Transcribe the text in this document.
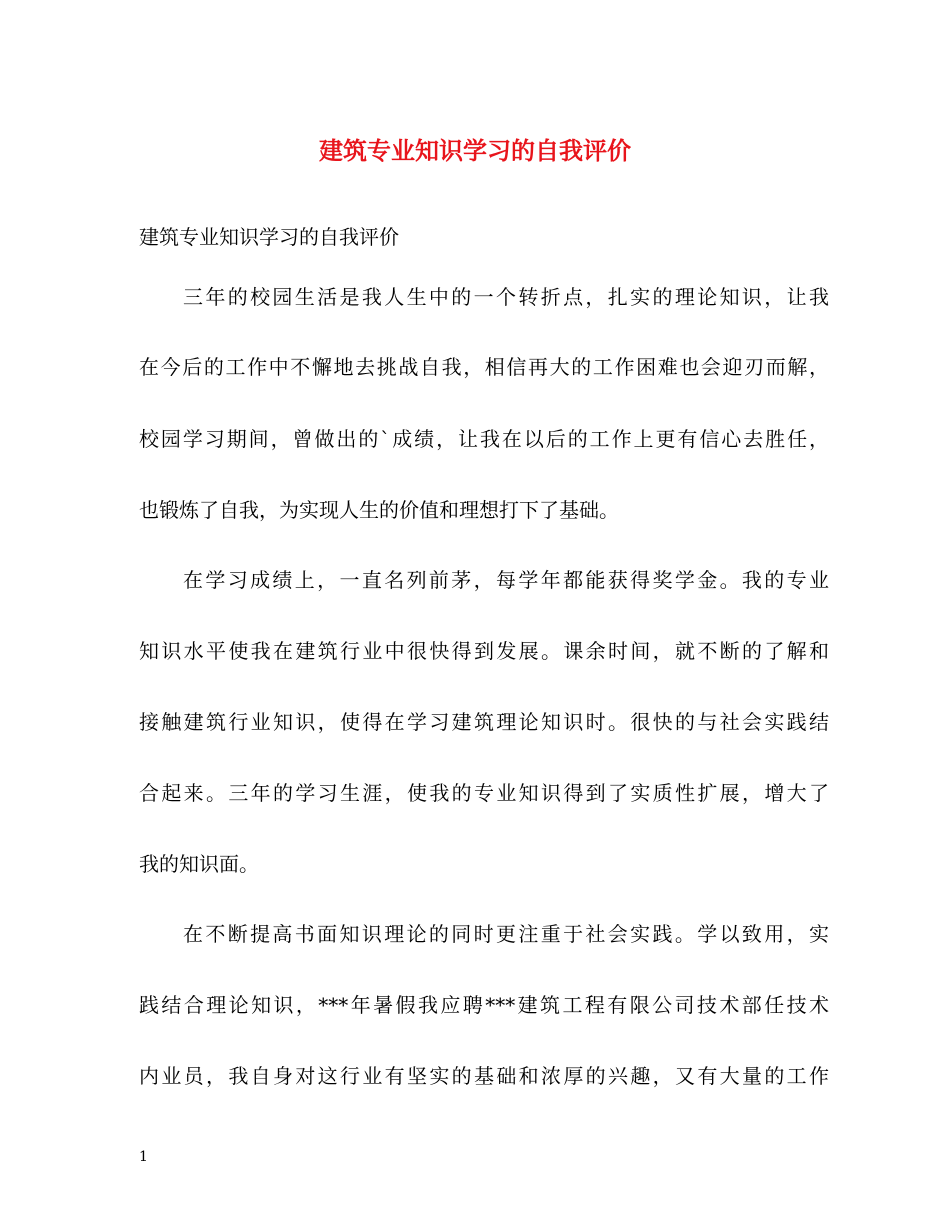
建筑专业知识学习的自我评价
建筑专业知识学习的自我评价
三年的校园生活是我人生中的一个转折点，扎实的理论知识，让我
在今后的工作中不懈地去挑战自我，相信再大的工作困难也会迎刃而解，
校园学习期间，曾做出的`成绩，让我在以后的工作上更有信心去胜任，
也锻炼了自我，为实现人生的价值和理想打下了基础。
在学习成绩上，一直名列前茅，每学年都能获得奖学金。我的专业
知识水平使我在建筑行业中很快得到发展。课余时间，就不断的了解和
接触建筑行业知识，使得在学习建筑理论知识时。很快的与社会实践结
合起来。三年的学习生涯，使我的专业知识得到了实质性扩展，增大了
我的知识面。
在不断提高书面知识理论的同时更注重于社会实践。学以致用，实
践结合理论知识，***年暑假我应聘***建筑工程有限公司技术部任技术
内业员，我自身对这行业有坚实的基础和浓厚的兴趣，又有大量的工作
1
